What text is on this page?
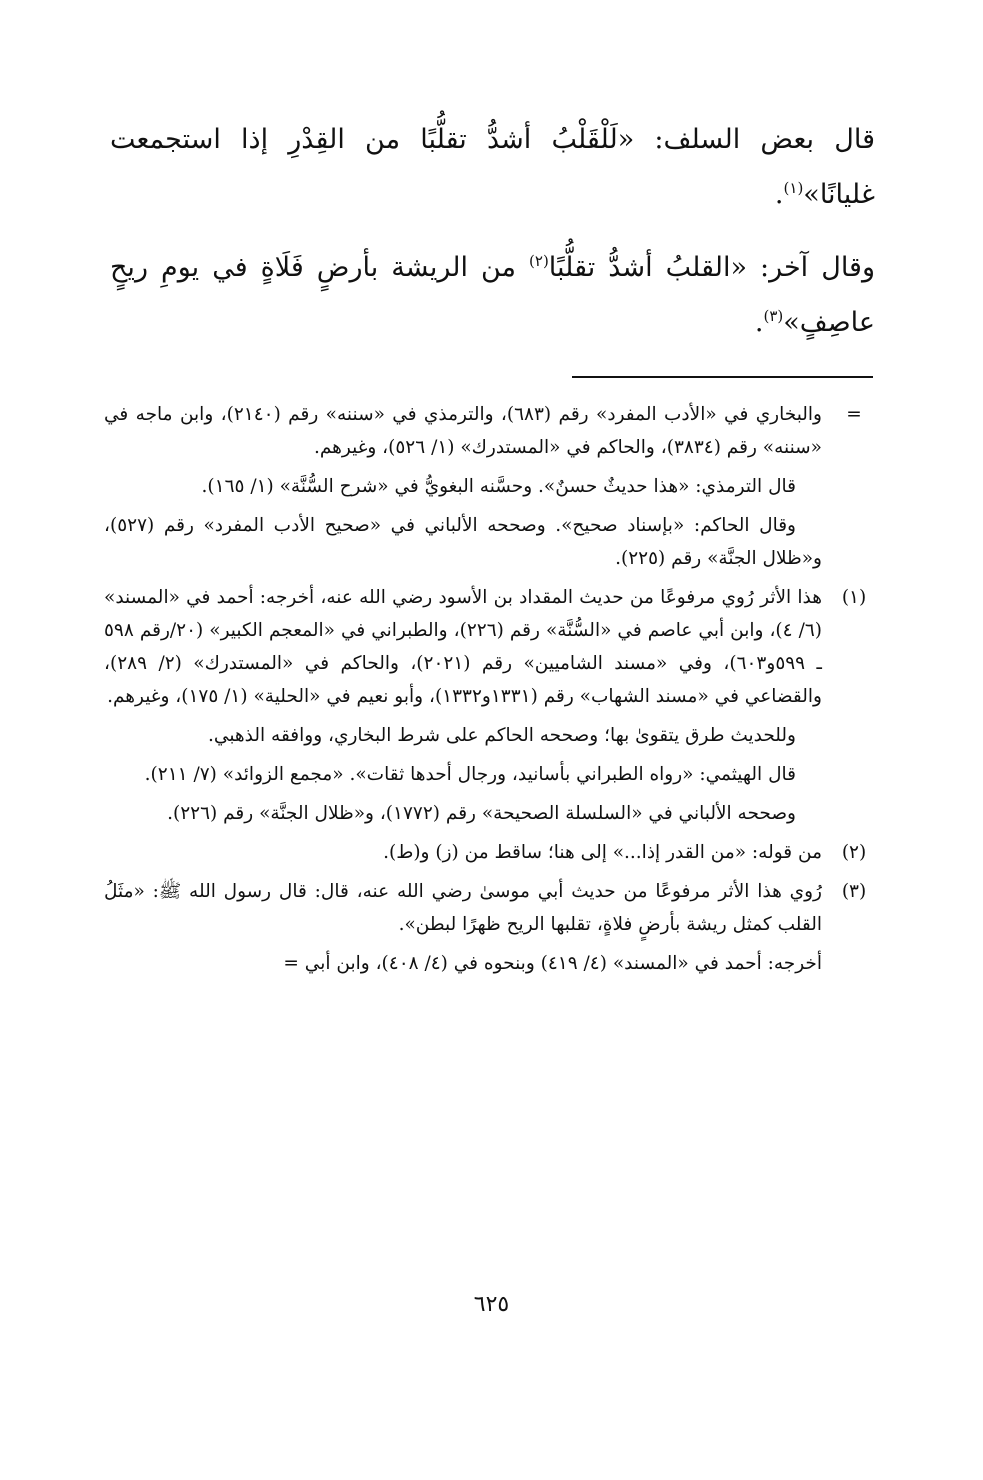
قال بعض السلف: «لَلْقَلْبُ أشدُّ تقلُّبًا من القِدْرِ إذا استجمعت غليانًا»$^{(١)}$.

وقال آخر: «القلبُ أشدُّ تقلُّبًا$^{(٢)}$ من الريشة بأرضٍ فَلَاةٍ في يومِ ريحٍ عاصِفٍ»$^{(٣)}$.

=
والبخاري في «الأدب المفرد» رقم (٦٨٣)، والترمذي في «سننه» رقم (٢١٤٠)، وابن ماجه في «سننه» رقم (٣٨٣٤)، والحاكم في «المستدرك» (١/ ٥٢٦)، وغيرهم.
قال الترمذي: «هذا حديثٌ حسنٌ». وحسَّنه البغويُّ في «شرح السُّنَّة» (١/ ١٦٥).
وقال الحاكم: «بإسناد صحيح». وصححه الألباني في «صحيح الأدب المفرد» رقم (٥٢٧)، و«ظلال الجنَّة» رقم (٢٢٥).
(١)
هذا الأثر رُوي مرفوعًا من حديث المقداد بن الأسود رضي الله عنه، أخرجه: أحمد في «المسند» (٦/ ٤)، وابن أبي عاصم في «السُّنَّة» رقم (٢٢٦)، والطبراني في «المعجم الكبير» (٢٠/رقم ٥٩٨ ـ ٥٩٩و٦٠٣)، وفي «مسند الشاميين» رقم (٢٠٢١)، والحاكم في «المستدرك» (٢/ ٢٨٩)، والقضاعي في «مسند الشهاب» رقم (١٣٣١و١٣٣٢)، وأبو نعيم في «الحلية» (١/ ١٧٥)، وغيرهم.
وللحديث طرق يتقوىٰ بها؛ وصححه الحاكم على شرط البخاري، ووافقه الذهبي.
قال الهيثمي: «رواه الطبراني بأسانيد، ورجال أحدها ثقات». «مجمع الزوائد» (٧/ ٢١١).
وصححه الألباني في «السلسلة الصحيحة» رقم (١٧٧٢)، و«ظلال الجنَّة» رقم (٢٢٦).
(٢)
من قوله: «من القدر إذا...» إلى هنا؛ ساقط من (ز) و(ط).
(٣)
رُوي هذا الأثر مرفوعًا من حديث أبي موسىٰ رضي الله عنه، قال: قال رسول الله ﷺ: «مثَلُ القلب كمثل ريشة بأرضٍ فلاةٍ، تقلبها الريح ظهرًا لبطن».
أخرجه: أحمد في «المسند» (٤/ ٤١٩) وبنحوه في (٤/ ٤٠٨)، وابن أبي =
٦٢٥
